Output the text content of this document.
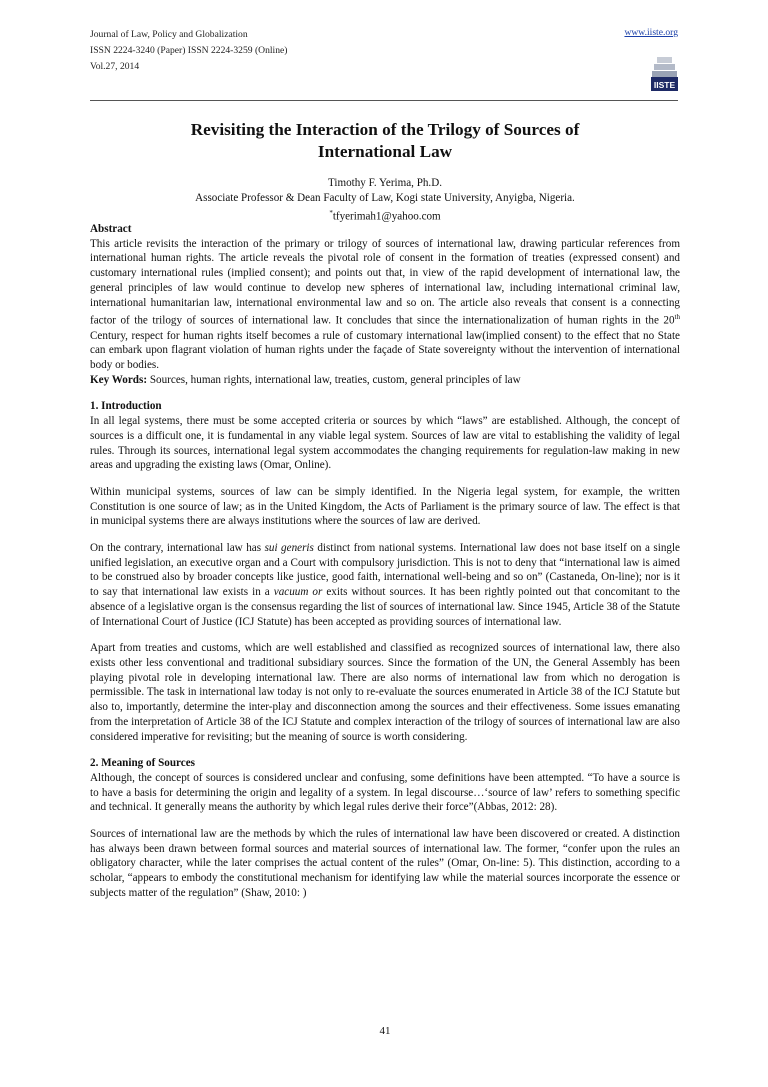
Journal of Law, Policy and Globalization
ISSN 2224-3240 (Paper) ISSN 2224-3259 (Online)
Vol.27, 2014
www.iiste.org
IISTE
Revisiting the Interaction of the Trilogy of Sources of
International Law
Timothy F. Yerima, Ph.D.
Associate Professor & Dean Faculty of Law, Kogi state University, Anyigba, Nigeria.
*tfyerimah1@yahoo.com
Abstract
This article revisits the interaction of the primary or trilogy of sources of international law, drawing particular references from international human rights. The article reveals the pivotal role of consent in the formation of treaties (expressed consent) and customary international rules (implied consent); and points out that, in view of the rapid development of international law, the general principles of law would continue to develop new spheres of international law, including international criminal law, international humanitarian law, international environmental law and so on. The article also reveals that consent is a connecting factor of the trilogy of sources of international law. It concludes that since the internationalization of human rights in the 20th Century, respect for human rights itself becomes a rule of customary international law(implied consent) to the effect that no State can embark upon flagrant violation of human rights under the façade of State sovereignty without the intervention of international body or bodies.

Key Words: Sources, human rights, international law, treaties, custom, general principles of law

1. Introduction

In all legal systems, there must be some accepted criteria or sources by which “laws” are established. Although, the concept of sources is a difficult one, it is fundamental in any viable legal system. Sources of law are vital to establishing the validity of legal rules. Through its sources, international legal system accommodates the changing requirements for regulation-law making in new areas and upgrading the existing laws (Omar, Online).

Within municipal systems, sources of law can be simply identified. In the Nigeria legal system, for example, the written Constitution is one source of law; as in the United Kingdom, the Acts of Parliament is the primary source of law. The effect is that in municipal systems there are always institutions where the sources of law are derived.

On the contrary, international law has sui generis distinct from national systems. International law does not base itself on a single unified legislation, an executive organ and a Court with compulsory jurisdiction. This is not to deny that “international law is aimed to be construed also by broader concepts like justice, good faith, international well-being and so on” (Castaneda, On-line); nor is it to say that international law exists in a vacuum or exits without sources. It has been rightly pointed out that concomitant to the absence of a legislative organ is the consensus regarding the list of sources of international law. Since 1945, Article 38 of the Statute of International Court of Justice (ICJ Statute) has been accepted as providing sources of international law.

Apart from treaties and customs, which are well established and classified as recognized sources of international law, there also exists other less conventional and traditional subsidiary sources. Since the formation of the UN, the General Assembly has been playing pivotal role in developing international law. There are also norms of international law from which no derogation is permissible. The task in international law today is not only to re-evaluate the sources enumerated in Article 38 of the ICJ Statute but also to, importantly, determine the inter-play and disconnection among the sources and their effectiveness. Some issues emanating from the interpretation of Article 38 of the ICJ Statute and complex interaction of the trilogy of sources of international law are also considered imperative for revisiting; but the meaning of source is worth considering.

2. Meaning of Sources

Although, the concept of sources is considered unclear and confusing, some definitions have been attempted. “To have a source is to have a basis for determining the origin and legality of a system. In legal discourse…‘source of law’ refers to something specific and technical. It generally means the authority by which legal rules derive their force”(Abbas, 2012: 28).

Sources of international law are the methods by which the rules of international law have been discovered or created. A distinction has always been drawn between formal sources and material sources of international law. The former, “confer upon the rules an obligatory character, while the later comprises the actual content of the rules” (Omar, On-line: 5). This distinction, according to a scholar, “appears to embody the constitutional mechanism for identifying law while the material sources incorporate the essence or subjects matter of the regulation” (Shaw, 2010: )

41
